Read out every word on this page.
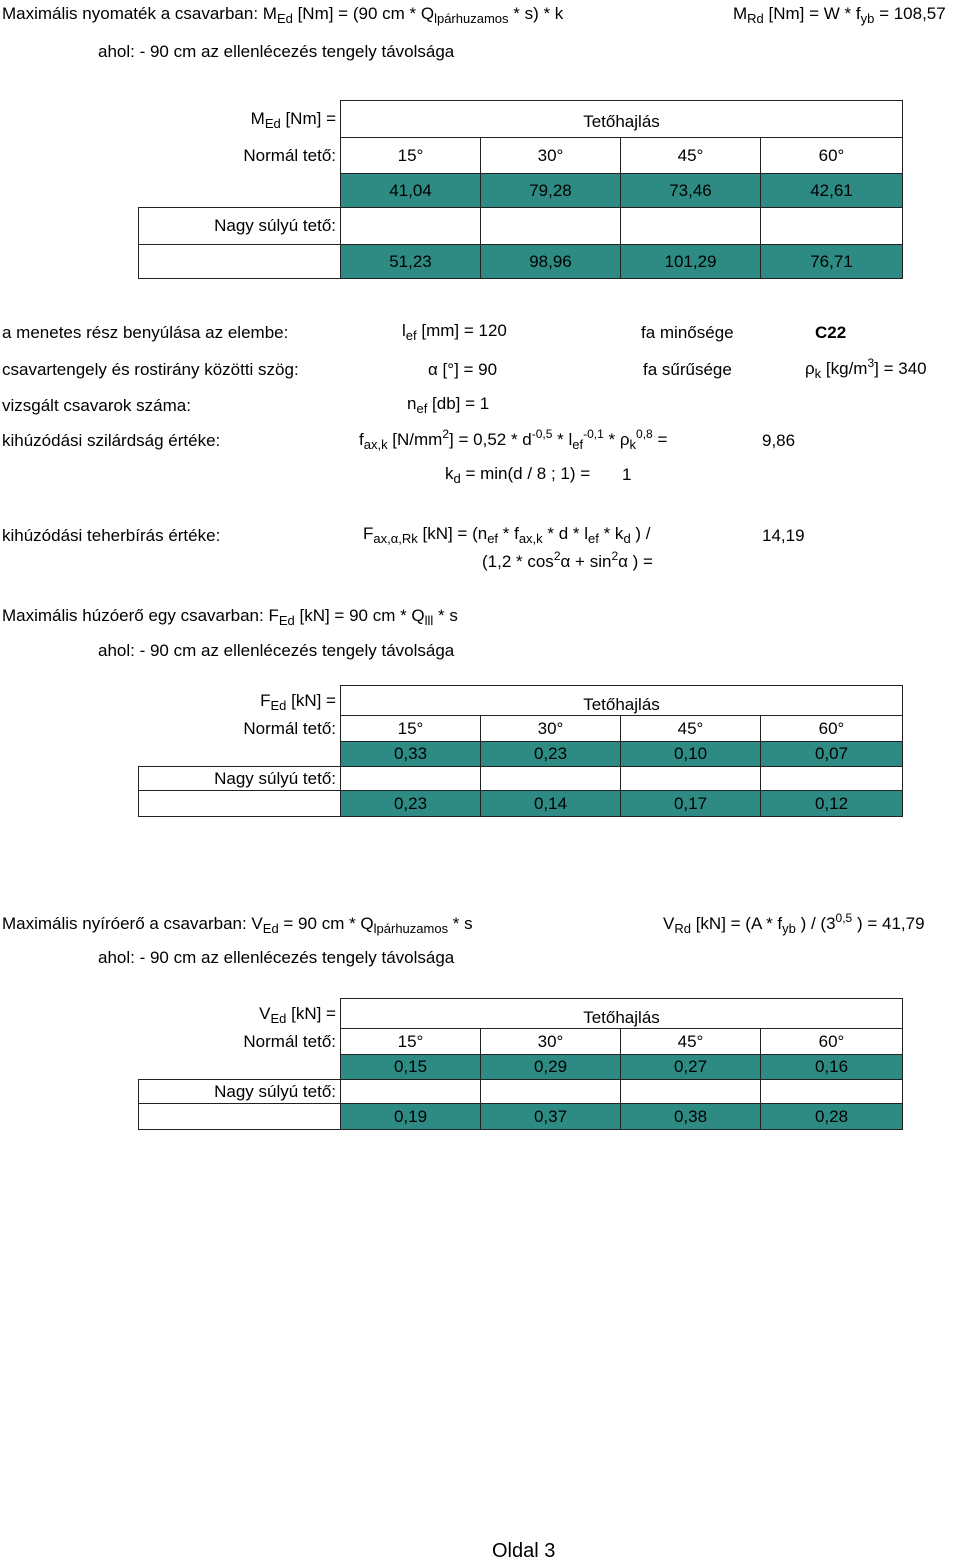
Maximális nyomaték a csavarban: $M_{Ed}$ [Nm] = (90 cm * $Q_{lpárhuzamos} * s$) * k	$M_{Rd}$ $[Nm] = W * f_{yb} = 108,57$
ahol: - 90 cm az ellenlécezés tengely távolsága
$M_{Ed}$ [Nm] =	Tetőhajlás			
Normál tető:	15°	30°	45°	60°
	41,04	79,28	73,46	42,61
Nagy súlyú tető:				
	51,23	98,96	101,29	76,71
a menetes rész benyúlása az elembe:	$l_{ef}$ [mm] = 120	fa minősége	C22
csavartengely és rostirány közötti szög:	α [°] = 90	fa sűrűsége	$\rho_k$ $[kg/m^3] = 340$
vizsgált csavarok száma:	$n_{ef}$ [db] = 1
kihúzódási szilárdság értéke:	$f_{ax,k}$ $[N/mm^2] = 0,52 * d^{-0,5} * l_{ef}^{-0,1} * \rho_k^{0,8}$ =	9,86
$k_d = \min(d / 8$ ; 1) = 1
kihúzódási teherbírás értéke:	$F_{ax,\alpha,Rk}$ $[kN] = (n_{ef} * f_{ax,k} * d * l_{ef} * k_d$ ) /
($1,2 * \cos^2\alpha + \sin^2\alpha$ ) =
14,19
Maximális húzóerő egy csavarban: $F_{Ed}$ [kN] = 90 cm * $Q_{lll}$ * s
ahol: - 90 cm az ellenlécezés tengely távolsága
$F_{Ed}$ [kN] =	Tetőhajlás			
Normál tető:	15°	30°	45°	60°
	0,33	0,23	0,10	0,07
Nagy súlyú tető:				
	0,23	0,14	0,17	0,12
Maximális nyíróerő a csavarban: $V_{Ed} = 90$ cm * $Q_{lpárhuzamos}$ * s	$V_{Rd}$ $[kN] = (A * f_{yb}$ ) / (3$^{0,5}$ ) = 41,79
ahol: - 90 cm az ellenlécezés tengely távolsága
$V_{Ed}$ [kN] =	Tetőhajlás			
Normál tető:	15°	30°	45°	60°
	0,15	0,29	0,27	0,16
Nagy súlyú tető:				
	0,19	0,37	0,38	0,28
Oldal 3
